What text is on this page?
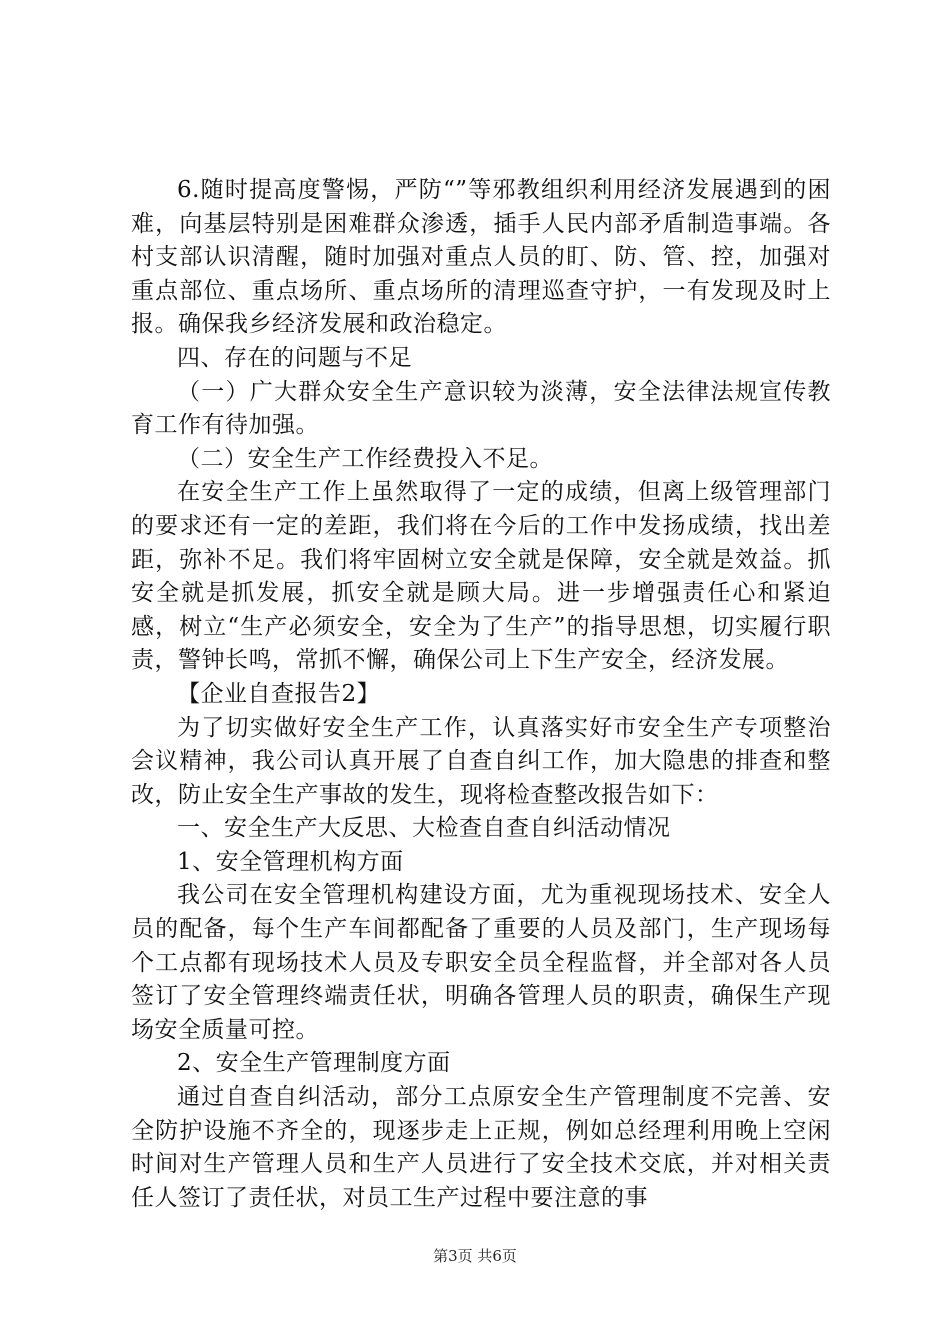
6.随时提高度警惕，严防“”等邪教组织利用经济发展遇到的困难，向基层特别是困难群众渗透，插手人民内部矛盾制造事端。各村支部认识清醒，随时加强对重点人员的盯、防、管、控，加强对重点部位、重点场所、重点场所的清理巡查守护，一有发现及时上报。确保我乡经济发展和政治稳定。

四、存在的问题与不足

（一）广大群众安全生产意识较为淡薄，安全法律法规宣传教育工作有待加强。

（二）安全生产工作经费投入不足。

在安全生产工作上虽然取得了一定的成绩，但离上级管理部门的要求还有一定的差距，我们将在今后的工作中发扬成绩，找出差距，弥补不足。我们将牢固树立安全就是保障，安全就是效益。抓安全就是抓发展，抓安全就是顾大局。进一步增强责任心和紧迫感，树立“生产必须安全，安全为了生产”的指导思想，切实履行职责，警钟长鸣，常抓不懈，确保公司上下生产安全，经济发展。

【企业自查报告2】

为了切实做好安全生产工作，认真落实好市安全生产专项整治会议精神，我公司认真开展了自查自纠工作，加大隐患的排查和整改，防止安全生产事故的发生，现将检查整改报告如下：

一、安全生产大反思、大检查自查自纠活动情况

1、安全管理机构方面

我公司在安全管理机构建设方面，尤为重视现场技术、安全人员的配备，每个生产车间都配备了重要的人员及部门，生产现场每个工点都有现场技术人员及专职安全员全程监督，并全部对各人员签订了安全管理终端责任状，明确各管理人员的职责，确保生产现场安全质量可控。

2、安全生产管理制度方面

通过自查自纠活动，部分工点原安全生产管理制度不完善、安全防护设施不齐全的，现逐步走上正规，例如总经理利用晚上空闲时间对生产管理人员和生产人员进行了安全技术交底，并对相关责任人签订了责任状，对员工生产过程中要注意的事

第3页 共6页
